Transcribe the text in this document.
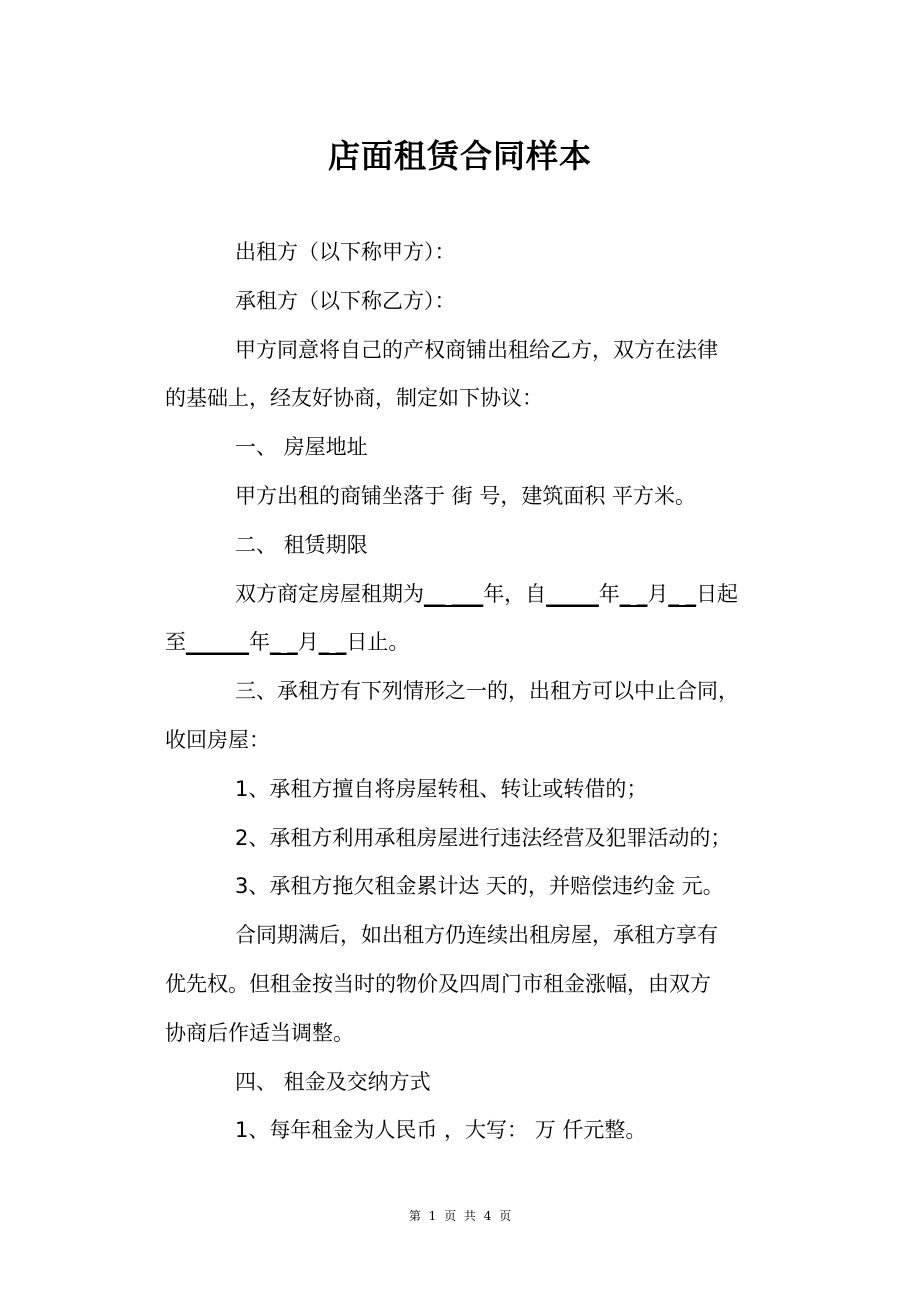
店面租赁合同样本
出租方（以下称甲方）：
承租方（以下称乙方）：
甲方同意将自己的产权商铺出租给乙方，双方在法律
的基础上，经友好协商，制定如下协议：
一、 房屋地址
甲方出租的商铺坐落于 街 号，建筑面积 平方米。
二、 租赁期限
双方商定房屋租期为__ ___年，自_____年_ _月_ _日起
至______年_ _月_ _日止。
三、承租方有下列情形之一的，出租方可以中止合同，
收回房屋：
1、承租方擅自将房屋转租、转让或转借的；
2、承租方利用承租房屋进行违法经营及犯罪活动的；
3、承租方拖欠租金累计达 天的，并赔偿违约金 元。
合同期满后，如出租方仍连续出租房屋，承租方享有
优先权。但租金按当时的物价及四周门市租金涨幅，由双方
协商后作适当调整。
四、 租金及交纳方式
1、每年租金为人民币 ，大写： 万 仟元整。
第 1 页 共 4 页
